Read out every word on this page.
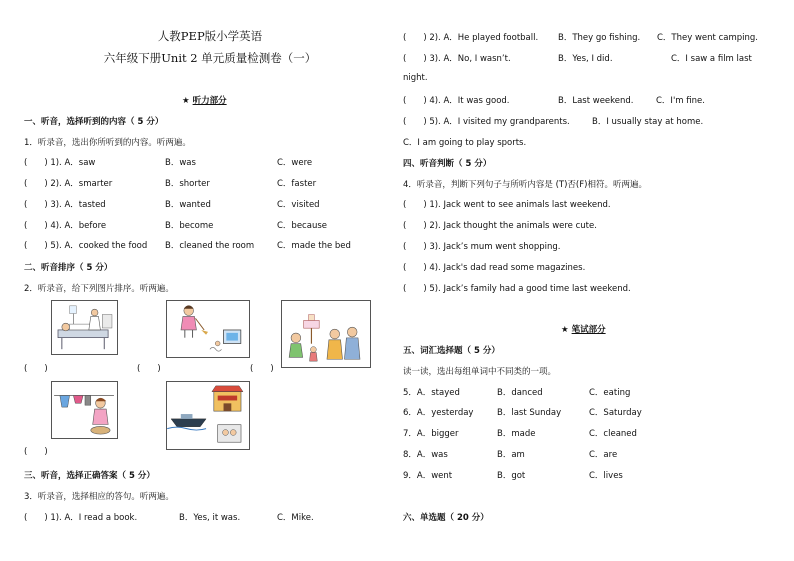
人教PEP版小学英语
六年级下册Unit 2 单元质量检测卷（一）
★ 听力部分
一、听音，选择听到的内容（ 5 分）
1．听录音，选出你所听到的内容。听两遍。
(　　) 1). A．saw	B．was	C．were
(　　) 2). A．smarter	B．shorter	C．faster
(　　) 3). A．tasted	B．wanted	C．visited
(　　) 4). A．before	B．become	C．because
(　　) 5). A．cooked the food B．cleaned the room	C．made the bed
二、听音排序（ 5 分）
2．听录音，给下列图片排序。听两遍。
(　　)	(　　)	(　　)
(　　)
三、听音，选择正确答案（ 5 分）
3．听录音，选择相应的答句。听两遍。
(　　) 1). A．I read a book.	B．Yes, it was.	C．Mike.
(　　) 2). A．He played football. B．They go fishing. C．They went camping.
(　　) 3). A．No, I wasn’t.	B．Yes, I did.	C．I saw a film last
night.
(　　) 4). A．It was good.	B．Last weekend.	C．I'm fine.
(　　) 5). A．I visited my grandparents.	B．I usually stay at home.
C．I am going to play sports.
四、听音判断（ 5 分）
4．听录音，判断下列句子与所听内容是 (T)否(F)相符。听两遍。
(　　) 1). Jack went to see animals last weekend.
(　　) 2). Jack thought the animals were cute.
(　　) 3). Jack’s mum went shopping.
(　　) 4). Jack's dad read some magazines.
(　　) 5). Jack’s family had a good time last weekend.
★ 笔试部分
五、词汇选择题（ 5 分）
读一读，选出每组单词中不同类的一项。
5．A．stayed	B．danced	C．eating
6．A．yesterday	B．last Sunday	C．Saturday
7．A．bigger	B．made	C．cleaned
8．A．was	B．am	C．are
9．A．went	B．got	C．lives
六、单选题（ 20 分）
